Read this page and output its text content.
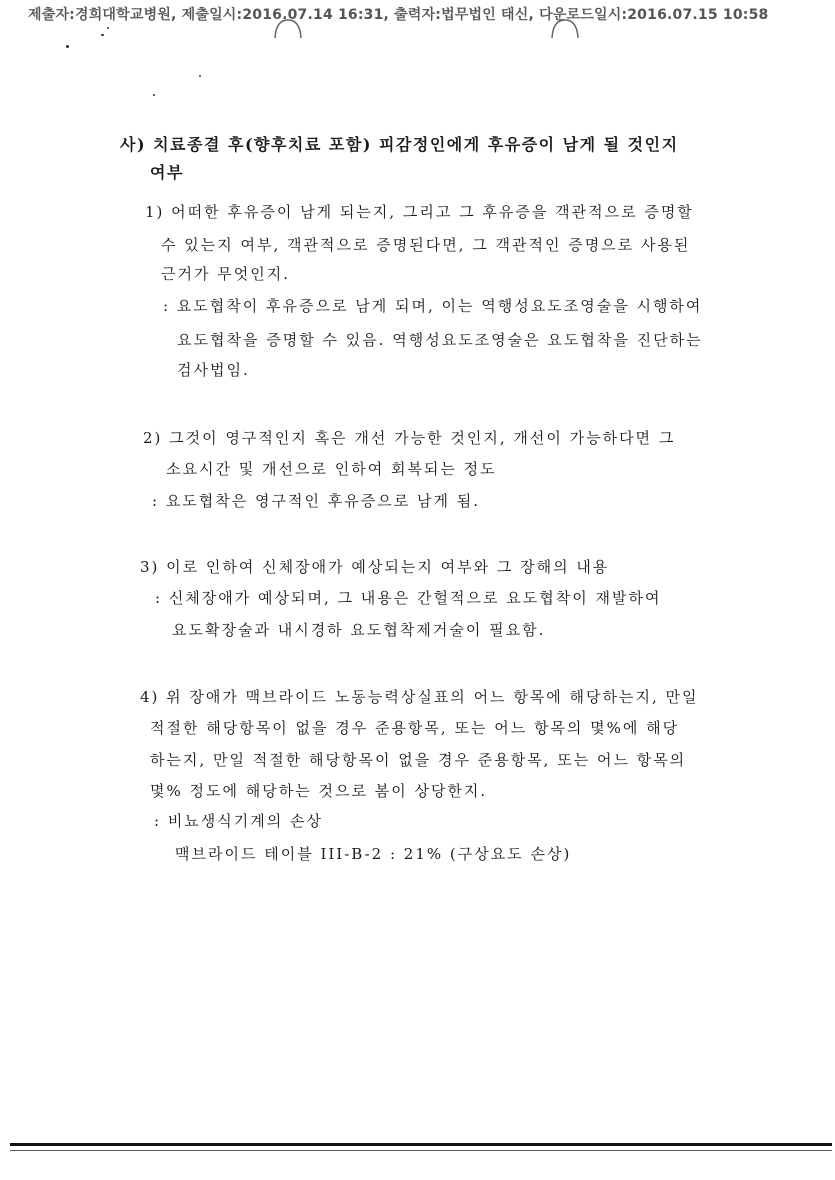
제출자:경희대학교병원, 제출일시:2016.07.14 16:31, 출력자:법무법인 태신, 다운로드일시:2016.07.15 10:58
사) 치료종결 후(향후치료 포함) 피감정인에게 후유증이 남게 될 것인지
여부
1) 어떠한 후유증이 남게 되는지, 그리고 그 후유증을 객관적으로 증명할
수 있는지 여부, 객관적으로 증명된다면, 그 객관적인 증명으로 사용된
근거가 무엇인지.
: 요도협착이 후유증으로 남게 되며, 이는 역행성요도조영술을 시행하여
요도협착을 증명할 수 있음. 역행성요도조영술은 요도협착을 진단하는
검사법임.
2) 그것이 영구적인지 혹은 개선 가능한 것인지, 개선이 가능하다면 그
소요시간 및 개선으로 인하여 회복되는 정도
: 요도협착은 영구적인 후유증으로 남게 됨.
3) 이로 인하여 신체장애가 예상되는지 여부와 그 장해의 내용
: 신체장애가 예상되며, 그 내용은 간헐적으로 요도협착이 재발하여
요도확장술과 내시경하 요도협착제거술이 필요함.
4) 위 장애가 맥브라이드 노동능력상실표의 어느 항목에 해당하는지, 만일
적절한 해당항목이 없을 경우 준용항목, 또는 어느 항목의 몇%에 해당
하는지, 만일 적절한 해당항목이 없을 경우 준용항목, 또는 어느 항목의
몇% 정도에 해당하는 것으로 봄이 상당한지.
: 비뇨생식기계의 손상
맥브라이드 테이블 III-B-2 : 21% (구상요도 손상)
